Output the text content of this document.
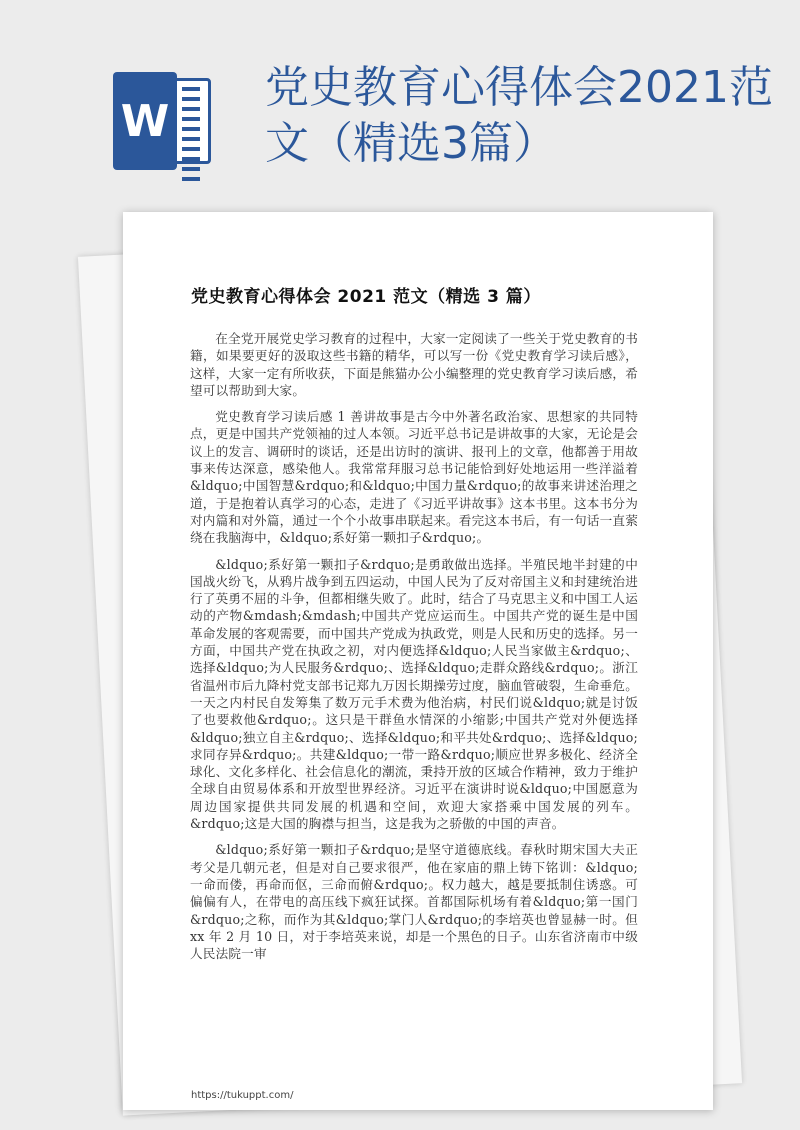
W
党史教育心得体会2021范文（精选3篇）
党史教育心得体会 2021 范文（精选 3 篇）

在全党开展党史学习教育的过程中，大家一定阅读了一些关于党史教育的书籍，如果要更好的汲取这些书籍的精华，可以写一份《党史教育学习读后感》，这样，大家一定有所收获，下面是熊猫办公小编整理的党史教育学习读后感，希望可以帮助到大家。

党史教育学习读后感 1 善讲故事是古今中外著名政治家、思想家的共同特点，更是中国共产党领袖的过人本领。习近平总书记是讲故事的大家，无论是会议上的发言、调研时的谈话，还是出访时的演讲、报刊上的文章，他都善于用故事来传达深意，感染他人。我常常拜服习总书记能恰到好处地运用一些洋溢着&ldquo;中国智慧&rdquo;和&ldquo;中国力量&rdquo;的故事来讲述治理之道，于是抱着认真学习的心态，走进了《习近平讲故事》这本书里。这本书分为对内篇和对外篇，通过一个个小故事串联起来。看完这本书后，有一句话一直萦绕在我脑海中，&ldquo;系好第一颗扣子&rdquo;。

&ldquo;系好第一颗扣子&rdquo;是勇敢做出选择。半殖民地半封建的中国战火纷飞，从鸦片战争到五四运动，中国人民为了反对帝国主义和封建统治进行了英勇不屈的斗争，但都相继失败了。此时，结合了马克思主义和中国工人运动的产物&mdash;&mdash;中国共产党应运而生。中国共产党的诞生是中国革命发展的客观需要，而中国共产党成为执政党，则是人民和历史的选择。另一方面，中国共产党在执政之初，对内便选择&ldquo;人民当家做主&rdquo;、选择&ldquo;为人民服务&rdquo;、选择&ldquo;走群众路线&rdquo;。浙江省温州市后九降村党支部书记郑九万因长期操劳过度，脑血管破裂，生命垂危。一天之内村民自发筹集了数万元手术费为他治病，村民们说&ldquo;就是讨饭了也要救他&rdquo;。这只是干群鱼水情深的小缩影;中国共产党对外便选择&ldquo;独立自主&rdquo;、选择&ldquo;和平共处&rdquo;、选择&ldquo;求同存异&rdquo;。共建&ldquo;一带一路&rdquo;顺应世界多极化、经济全球化、文化多样化、社会信息化的潮流，秉持开放的区域合作精神，致力于维护全球自由贸易体系和开放型世界经济。习近平在演讲时说&ldquo;中国愿意为周边国家提供共同发展的机遇和空间，欢迎大家搭乘中国发展的列车。&rdquo;这是大国的胸襟与担当，这是我为之骄傲的中国的声音。

&ldquo;系好第一颗扣子&rdquo;是坚守道德底线。春秋时期宋国大夫正考父是几朝元老，但是对自己要求很严，他在家庙的鼎上铸下铭训：&ldquo;一命而偻，再命而伛，三命而俯&rdquo;。权力越大，越是要抵制住诱惑。可偏偏有人，在带电的高压线下疯狂试探。首都国际机场有着&ldquo;第一国门&rdquo;之称，而作为其&ldquo;掌门人&rdquo;的李培英也曾显赫一时。但 xx 年 2 月 10 日，对于李培英来说，却是一个黑色的日子。山东省济南市中级人民法院一审

https://tukuppt.com/
